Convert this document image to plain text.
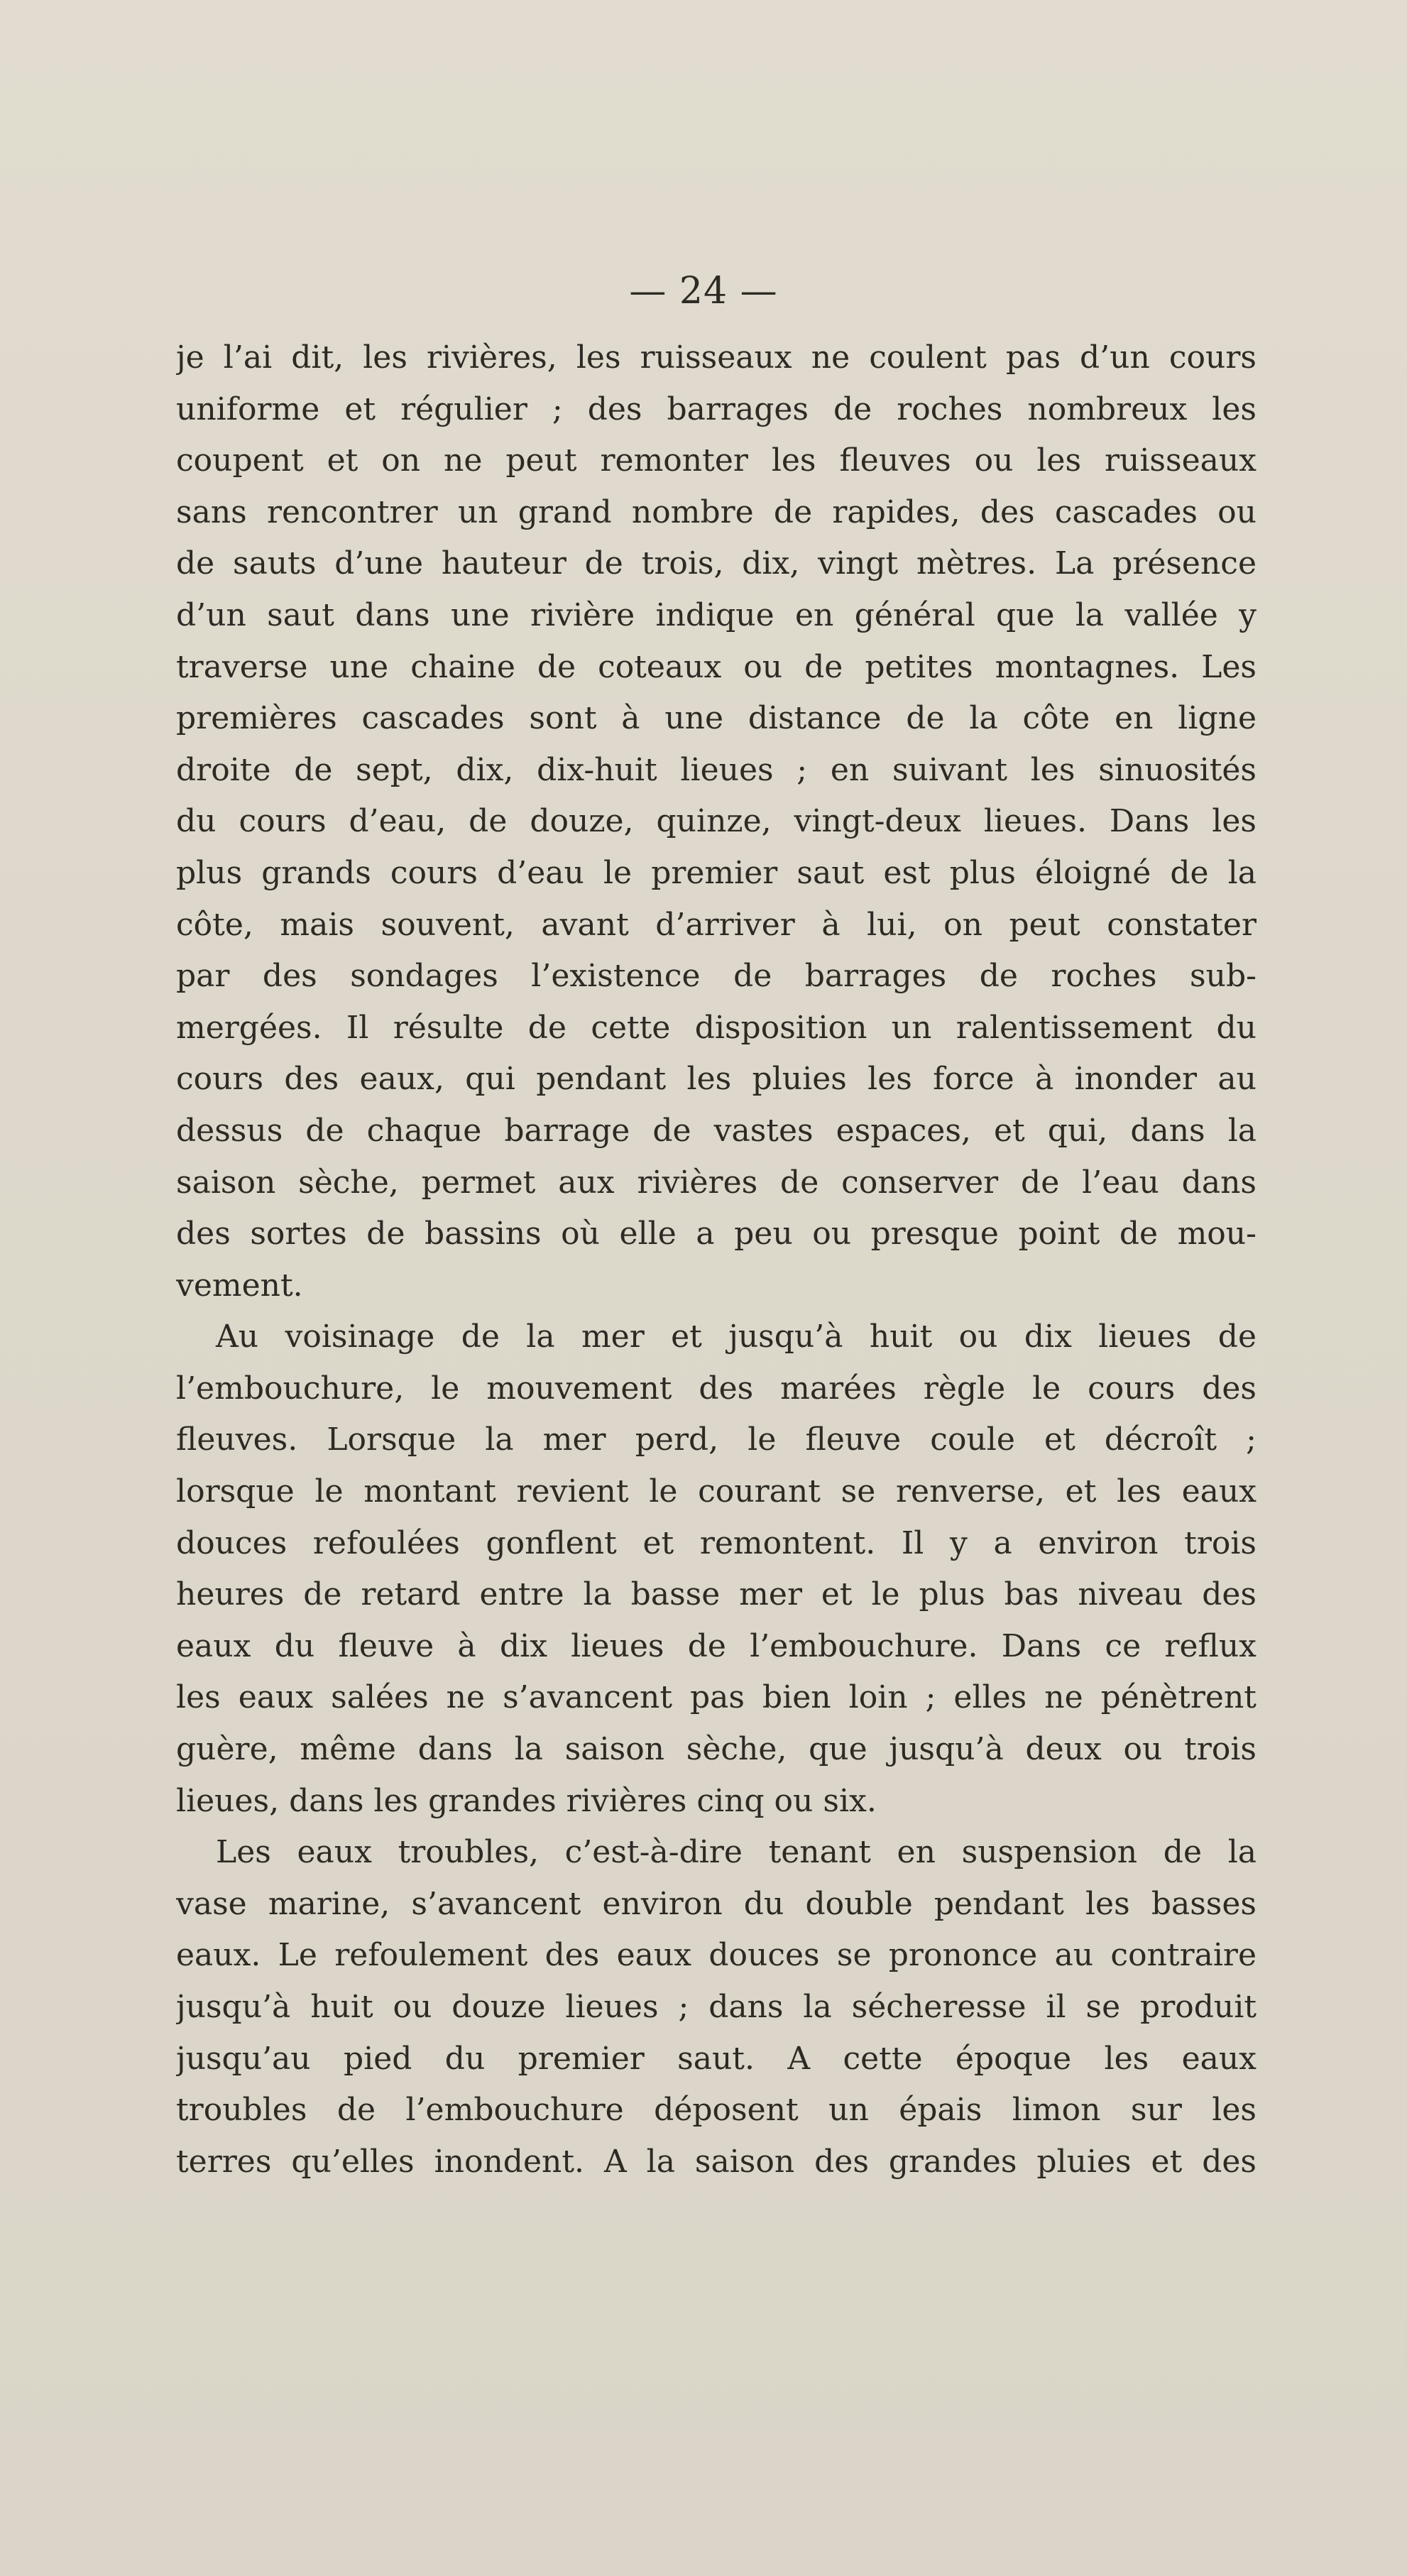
— 24 —
je l’ai dit, les rivières, les ruisseaux ne coulent pas d’un cours
uniforme et régulier ; des barrages de roches nombreux les
coupent et on ne peut remonter les fleuves ou les ruisseaux
sans rencontrer un grand nombre de rapides, des cascades ou
de sauts d’une hauteur de trois, dix, vingt mètres. La présence
d’un saut dans une rivière indique en général que la vallée y
traverse une chaine de coteaux ou de petites montagnes. Les
premières cascades sont à une distance de la côte en ligne
droite de sept, dix, dix-huit lieues ; en suivant les sinuosités
du cours d’eau, de douze, quinze, vingt-deux lieues. Dans les
plus grands cours d’eau le premier saut est plus éloigné de la
côte, mais souvent, avant d’arriver à lui, on peut constater
par des sondages l’existence de barrages de roches sub-
mergées. Il résulte de cette disposition un ralentissement du
cours des eaux, qui pendant les pluies les force à inonder au
dessus de chaque barrage de vastes espaces, et qui, dans la
saison sèche, permet aux rivières de conserver de l’eau dans
des sortes de bassins où elle a peu ou presque point de mou-
vement.
Au voisinage de la mer et jusqu’à huit ou dix lieues de
l’embouchure, le mouvement des marées règle le cours des
fleuves. Lorsque la mer perd, le fleuve coule et décroît ;
lorsque le montant revient le courant se renverse, et les eaux
douces refoulées gonflent et remontent. Il y a environ trois
heures de retard entre la basse mer et le plus bas niveau des
eaux du fleuve à dix lieues de l’embouchure. Dans ce reflux
les eaux salées ne s’avancent pas bien loin ; elles ne pénètrent
guère, même dans la saison sèche, que jusqu’à deux ou trois
lieues, dans les grandes rivières cinq ou six.
Les eaux troubles, c’est-à-dire tenant en suspension de la
vase marine, s’avancent environ du double pendant les basses
eaux. Le refoulement des eaux douces se prononce au contraire
jusqu’à huit ou douze lieues ; dans la sécheresse il se produit
jusqu’au pied du premier saut. A cette époque les eaux
troubles de l’embouchure déposent un épais limon sur les
terres qu’elles inondent. A la saison des grandes pluies et des
